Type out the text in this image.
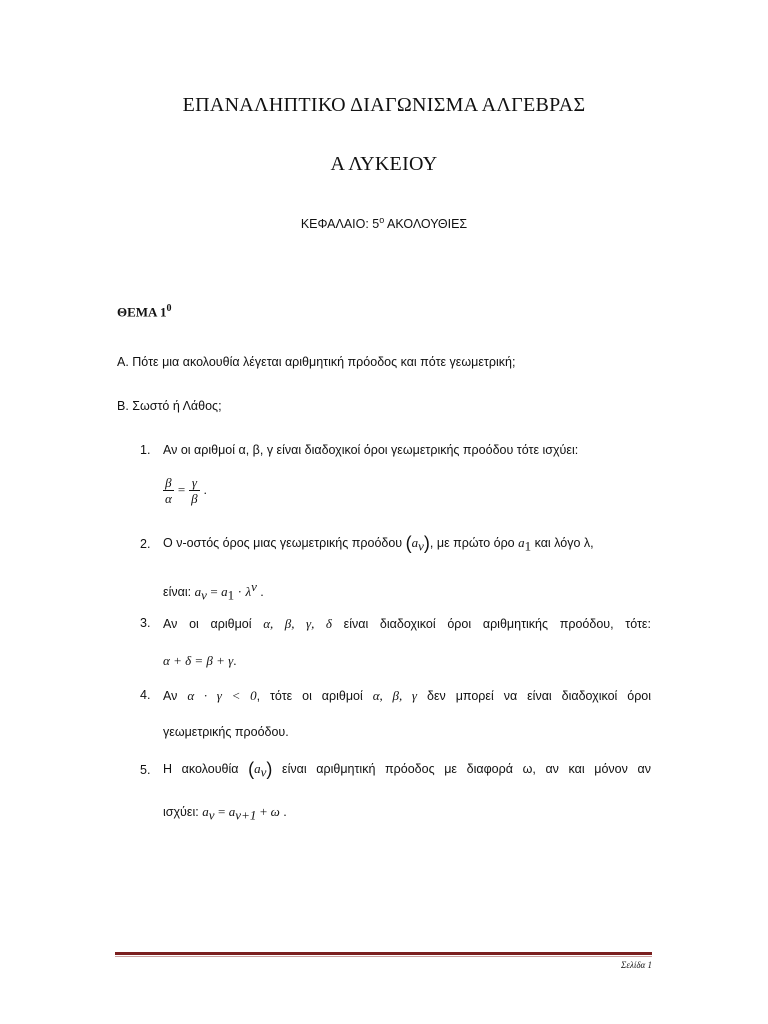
ΕΠΑΝΑΛΗΠΤΙΚΟ ΔΙΑΓΩΝΙΣΜΑ ΑΛΓΕΒΡΑΣ
Α ΛΥΚΕΙΟΥ
ΚΕΦΑΛΑΙΟ: $5^o$ ΑΚΟΛΟΥΘΙΕΣ
ΘΕΜΑ $1^0$
Α. Πότε μια ακολουθία λέγεται αριθμητική πρόοδος και πότε γεωμετρική;
Β. Σωστό ή Λάθος;
1. Αν οι αριθμοί α, β, γ είναι διαδοχικοί όροι γεωμετρικής προόδου τότε ισχύει:
$\frac{\beta}{\alpha} = \frac{\gamma}{\beta}$ .
2. Ο ν-οστός όρος μιας γεωμετρικής προόδου $(a_\nu)$, με πρώτο όρο $a_1$ και λόγο λ,
είναι: $a_\nu = a_1 \cdot \lambda^\nu$ .
3. Αν οι αριθμοί α, β, γ, δ είναι διαδοχικοί όροι αριθμητικής προόδου, τότε:
α + δ = β + γ.
4. Αν α · γ < 0, τότε οι αριθμοί α, β, γ δεν μπορεί να είναι διαδοχικοί όροι
γεωμετρικής προόδου.
5. Η ακολουθία $(a_\nu)$ είναι αριθμητική πρόοδος με διαφορά ω, αν και μόνον αν
ισχύει: $a_\nu = a_{\nu+1} + \omega$ .
Σελίδα 1
